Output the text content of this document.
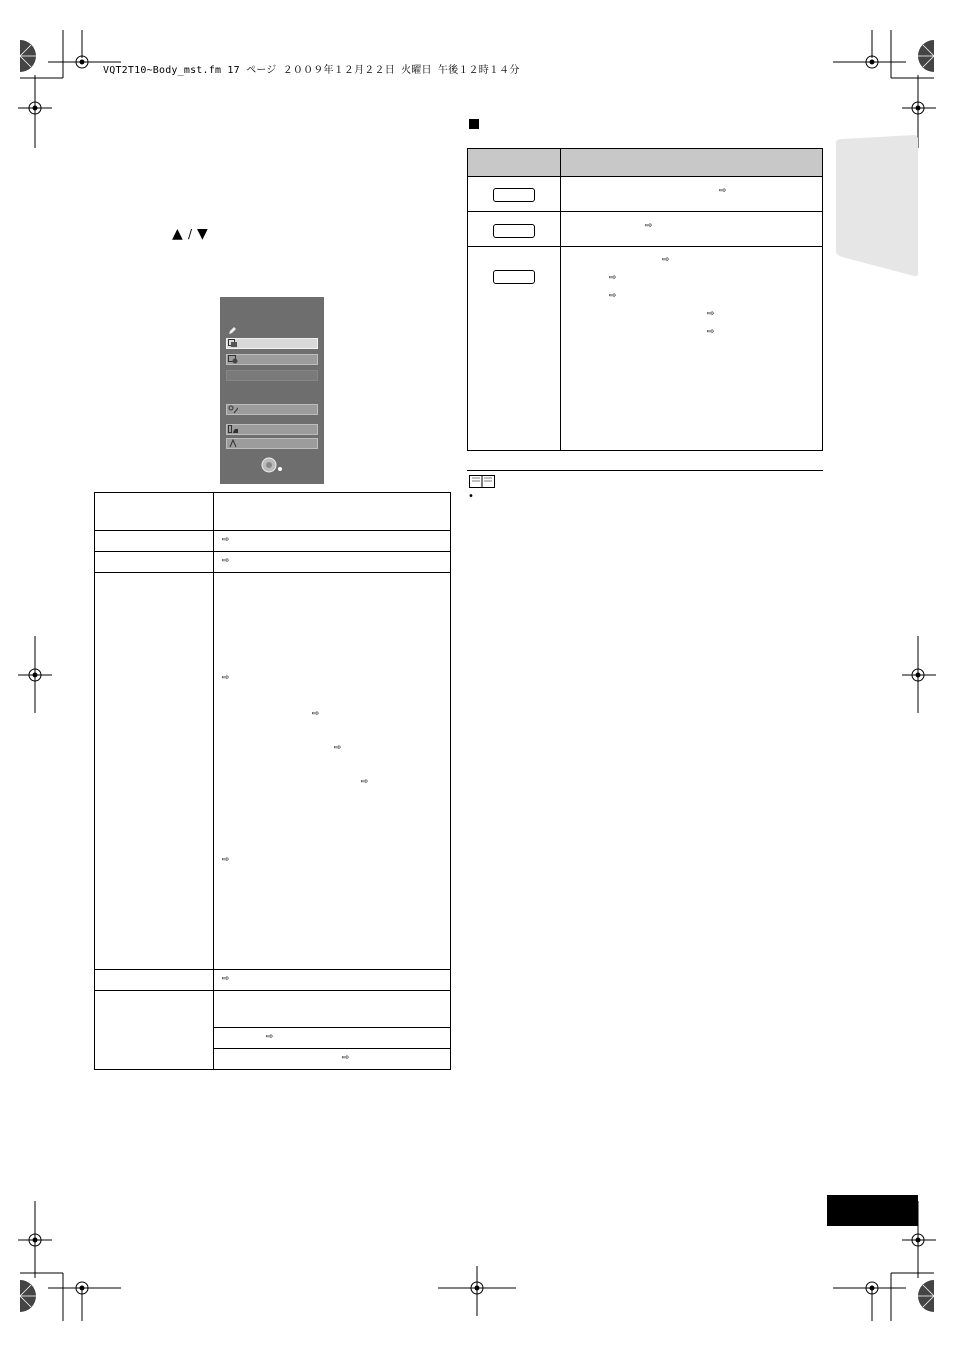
VQT2T10~Body_mst.fm 17 ページ ２００９年１２月２２日 火曜日 午後１２時１４分
▲ / ▼

	⇨
	⇨

	⇨
⇨
⇨
⇨
⇨

	⇨

	⇨
	⇨

	⇨

	⇨

	⇨
⇨
⇨
⇨
⇨
•
